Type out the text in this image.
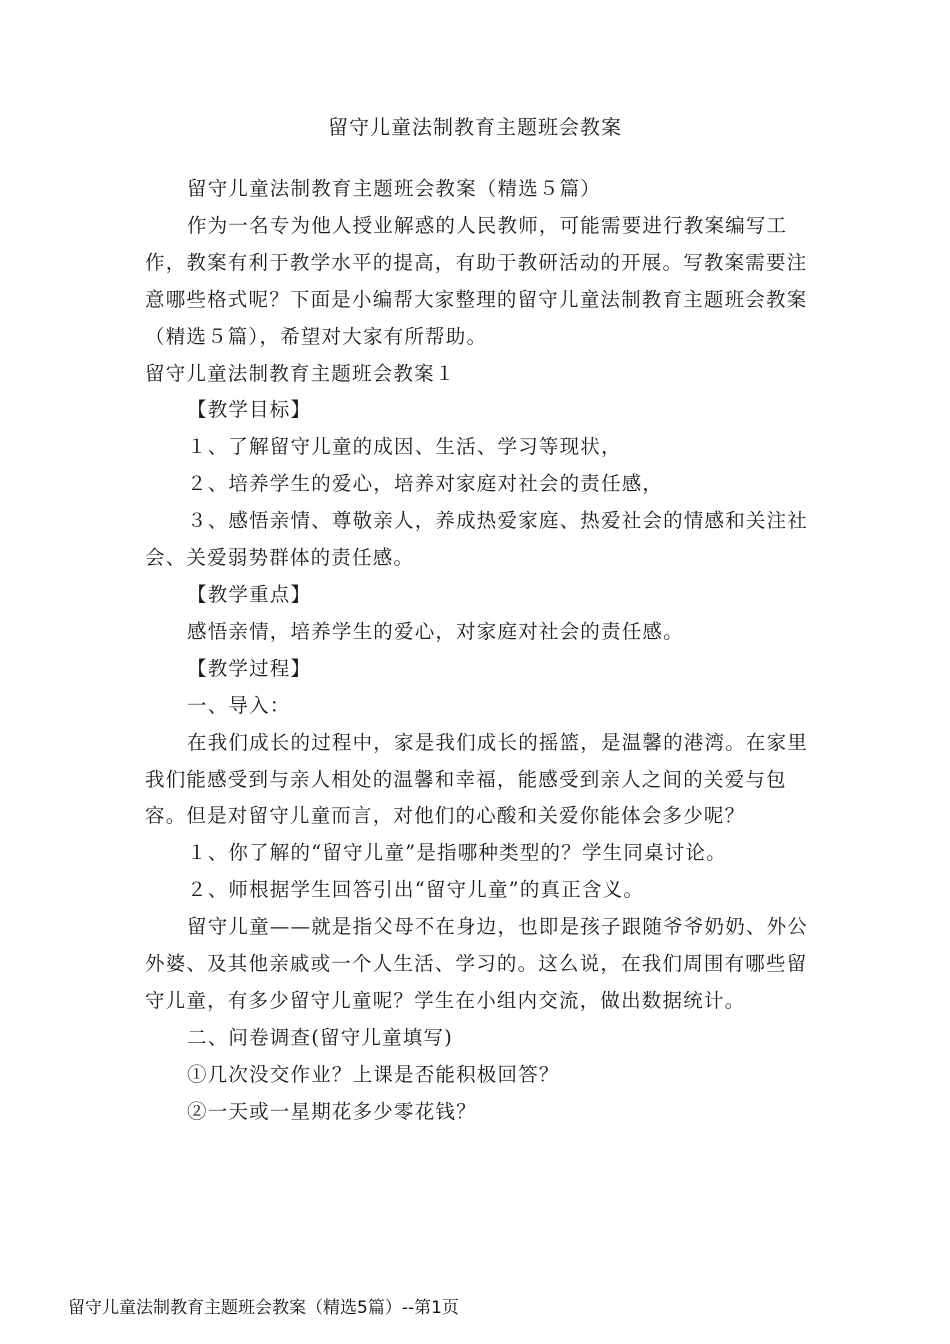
留守儿童法制教育主题班会教案

留守儿童法制教育主题班会教案（精选５篇）

作为一名专为他人授业解惑的人民教师，可能需要进行教案编写工作，教案有利于教学水平的提高，有助于教研活动的开展。写教案需要注意哪些格式呢？下面是小编帮大家整理的留守儿童法制教育主题班会教案（精选５篇），希望对大家有所帮助。

留守儿童法制教育主题班会教案１

【教学目标】

１、了解留守儿童的成因、生活、学习等现状，

２、培养学生的爱心，培养对家庭对社会的责任感，

３、感悟亲情、尊敬亲人，养成热爱家庭、热爱社会的情感和关注社会、关爱弱势群体的责任感。

【教学重点】

感悟亲情，培养学生的爱心，对家庭对社会的责任感。

【教学过程】

一、导入：

在我们成长的过程中，家是我们成长的摇篮，是温馨的港湾。在家里我们能感受到与亲人相处的温馨和幸福，能感受到亲人之间的关爱与包容。但是对留守儿童而言，对他们的心酸和关爱你能体会多少呢？

１、你了解的“留守儿童”是指哪种类型的？学生同桌讨论。

２、师根据学生回答引出“留守儿童”的真正含义。

留守儿童——就是指父母不在身边，也即是孩子跟随爷爷奶奶、外公外婆、及其他亲戚或一个人生活、学习的。这么说，在我们周围有哪些留守儿童，有多少留守儿童呢？学生在小组内交流，做出数据统计。

二、问卷调查(留守儿童填写)

①几次没交作业？上课是否能积极回答？

②一天或一星期花多少零花钱？

留守儿童法制教育主题班会教案（精选5篇）--第1页
